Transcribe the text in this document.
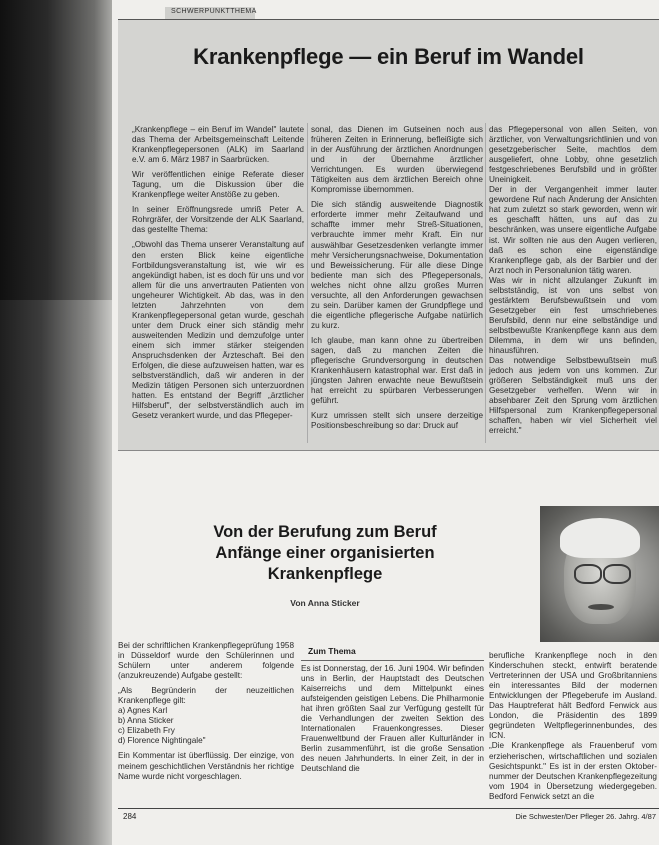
SCHWERPUNKTTHEMA
Krankenpflege — ein Beruf im Wandel

„Krankenpflege – ein Beruf im Wandel" lautete das Thema der Arbeitsgemeinschaft Leitende Krankenpflegepersonen (ALK) im Saarland e.V. am 6. März 1987 in Saarbrücken.

Wir veröffentlichen einige Referate dieser Tagung, um die Diskussion über die Krankenpflege weiter Anstöße zu geben.

In seiner Eröffnungsrede umriß Peter A. Rohrgräfer, der Vorsitzende der ALK Saarland, das gestellte Thema:

„Obwohl das Thema unserer Veranstaltung auf den ersten Blick keine eigentliche Fortbildungsveranstaltung ist, wie wir es angekündigt haben, ist es doch für uns und vor allem für die uns anvertrauten Patienten von ungeheurer Wichtigkeit. Ab das, was in den letzten Jahrzehnten von dem Krankenpflegepersonal getan wurde, geschah unter dem Druck einer sich ständig mehr ausweitenden Medizin und demzufolge unter einem sich immer stärker steigenden Anspruchsdenken der Ärzteschaft. Bei den Erfolgen, die diese aufzuweisen hatten, war es selbstverständlich, daß wir anderen in der Medizin tätigen Personen sich unterzuordnen hatten. Es entstand der Begriff „ärztlicher Hilfsberuf", der selbstverständlich auch im Gesetz verankert wurde, und das Pflegeper-

sonal, das Dienen im Gutseinen noch aus früheren Zeiten in Erinnerung, befleißigte sich in der Ausführung der ärztlichen Anordnungen und in der Übernahme ärztlicher Verrichtungen. Es wurden überwiegend Tätigkeiten aus dem ärztlichen Bereich ohne Kompromisse übernommen.

Die sich ständig ausweitende Diagnostik erforderte immer mehr Zeitaufwand und schaffte immer mehr Streß-Situationen, verbrauchte immer mehr Kraft. Ein nur auswählbar Gesetzesdenken verlangte immer mehr Versicherungsnachweise, Dokumentation und Beweissicherung. Für alle diese Dinge bediente man sich des Pflegepersonals, welches nicht ohne allzu großes Murren versuchte, all den Anforderungen gewachsen zu sein. Darüber kamen der Grundpflege und die eigentliche pflegerische Aufgabe natürlich zu kurz.

Ich glaube, man kann ohne zu übertreiben sagen, daß zu manchen Zeiten die pflegerische Grundversorgung in deutschen Krankenhäusern katastrophal war. Erst daß in jüngsten Jahren erwachte neue Bewußtsein hat erreicht zu spürbaren Verbesserungen geführt.

Kurz umrissen stellt sich unsere derzeitige Positionsbeschreibung so dar: Druck auf

das Pflegepersonal von allen Seiten, von ärztlicher, von Verwaltungsrichtlinien und von gesetzgeberischer Seite, machtlos dem ausgeliefert, ohne Lobby, ohne gesetzlich festgeschriebenes Berufsbild und in größter Uneinigkeit.

Der in der Vergangenheit immer lauter gewordene Ruf nach Änderung der Ansichten hat zum zuletzt so stark geworden, wenn wir es geschafft hätten, uns auf das zu beschränken, was unsere eigentliche Aufgabe ist. Wir sollten nie aus den Augen verlieren, daß es schon eine eigenständige Krankenpflege gab, als der Barbier und der Arzt noch in Personalunion tätig waren.

Was wir in nicht allzulanger Zukunft im selbstständig, ist von uns selbst von gestärktem Berufsbewußtsein und vom Gesetzgeber ein fest umschriebenes Berufsbild, denn nur eine selbständige und selbstbewußte Krankenpflege kann aus dem Dilemma, in dem wir uns befinden, hinausführen.

Das notwendige Selbstbewußtsein muß jedoch aus jedem von uns kommen. Zur größeren Selbständigkeit muß uns der Gesetzgeber verhelfen. Wenn wir in absehbarer Zeit den Sprung vom ärztlichen Hilfspersonal zum Krankenpflegepersonal schaffen, haben wir viel Sicherheit viel erreicht."

Von der Berufung zum Beruf
Anfänge einer organisierten
Krankenpflege
Von Anna Sticker

Bei der schriftlichen Krankenpflegeprüfung 1958 in Düsseldorf wurde den Schülerinnen und Schülern unter anderem folgende (anzukreuzende) Aufgabe gestellt:

„Als Begründerin der neuzeitlichen Krankenpflege gilt:

a) Agnes Karl
b) Anna Sticker
c) Elizabeth Fry
d) Florence Nightingale"

Ein Kommentar ist überflüssig. Der einzige, von meinem geschichtlichen Verständnis her richtige Name wurde nicht vorgeschlagen.

Zum Thema

Es ist Donnerstag, der 16. Juni 1904. Wir befinden uns in Berlin, der Hauptstadt des Deutschen Kaiserreichs und dem Mittelpunkt eines aufsteigenden geistigen Lebens. Die Philharmonie hat ihren größten Saal zur Verfügung gestellt für die Verhandlungen der zweiten Sektion des Internationalen Frauenkongresses. Dieser Frauenweltbund der Frauen aller Kulturländer in Berlin zusammenführt, ist die große Sensation des neuen Jahrhunderts. In einer Zeit, in der in Deutschland die

berufliche Krankenpflege noch in den Kinderschuhen steckt, entwirft beratende Vertreterinnen der USA und Großbritanniens ein interessantes Bild der modernen Entwicklungen der Pflegeberufe im Ausland. Das Hauptreferat hält Bedford Fenwick aus London, die Präsidentin des 1899 gegründeten Weltpflegerinnenbundes, des ICN.
„Die Krankenpflege als Frauenberuf vom erzieherischen, wirtschaftlichen und sozialen Gesichtspunkt." Es ist in der ersten Oktober-nummer der Deutschen Krankenpflegezeitung vom 1904 in Übersetzung wiedergegeben. Bedford Fenwick setzt an die

284	Die Schwester/Der Pfleger 26. Jahrg. 4/87
